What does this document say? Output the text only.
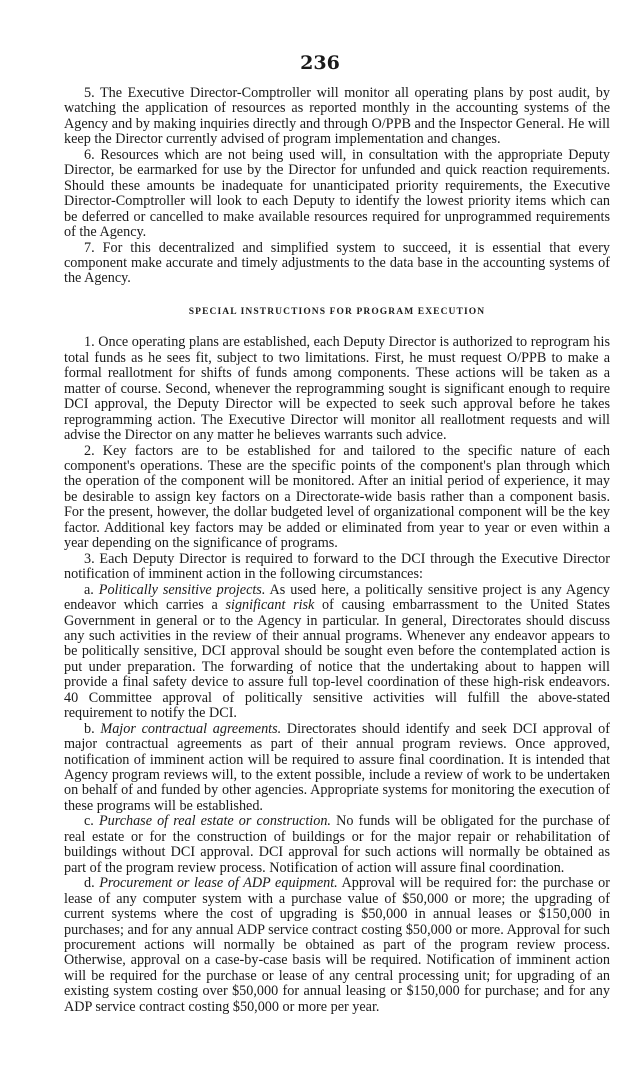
236

5. The Executive Director-Comptroller will monitor all operating plans by post audit, by watching the application of resources as reported monthly in the accounting systems of the Agency and by making inquiries directly and through O/PPB and the Inspector General. He will keep the Director currently advised of program implementation and changes.

6. Resources which are not being used will, in consultation with the appropriate Deputy Director, be earmarked for use by the Director for unfunded and quick reaction requirements. Should these amounts be inadequate for unanticipated priority requirements, the Executive Director-Comptroller will look to each Deputy to identify the lowest priority items which can be deferred or cancelled to make available resources required for unprogrammed requirements of the Agency.

7. For this decentralized and simplified system to succeed, it is essential that every component make accurate and timely adjustments to the data base in the accounting systems of the Agency.

SPECIAL INSTRUCTIONS FOR PROGRAM EXECUTION

1. Once operating plans are established, each Deputy Director is authorized to reprogram his total funds as he sees fit, subject to two limitations. First, he must request O/PPB to make a formal reallotment for shifts of funds among components. These actions will be taken as a matter of course. Second, whenever the reprogramming sought is significant enough to require DCI approval, the Deputy Director will be expected to seek such approval before he takes reprogramming action. The Executive Director will monitor all reallotment requests and will advise the Director on any matter he believes warrants such advice.

2. Key factors are to be established for and tailored to the specific nature of each component's operations. These are the specific points of the component's plan through which the operation of the component will be monitored. After an initial period of experience, it may be desirable to assign key factors on a Directorate-wide basis rather than a component basis. For the present, however, the dollar budgeted level of organizational component will be the key factor. Additional key factors may be added or eliminated from year to year or even within a year depending on the significance of programs.

3. Each Deputy Director is required to forward to the DCI through the Executive Director notification of imminent action in the following circumstances:

a. Politically sensitive projects. As used here, a politically sensitive project is any Agency endeavor which carries a significant risk of causing embarrassment to the United States Government in general or to the Agency in particular. In general, Directorates should discuss any such activities in the review of their annual programs. Whenever any endeavor appears to be politically sensitive, DCI approval should be sought even before the contemplated action is put under preparation. The forwarding of notice that the undertaking about to happen will provide a final safety device to assure full top-level coordination of these high-risk endeavors. 40 Committee approval of politically sensitive activities will fulfill the above-stated requirement to notify the DCI.

b. Major contractual agreements. Directorates should identify and seek DCI approval of major contractual agreements as part of their annual program reviews. Once approved, notification of imminent action will be required to assure final coordination. It is intended that Agency program reviews will, to the extent possible, include a review of work to be undertaken on behalf of and funded by other agencies. Appropriate systems for monitoring the execution of these programs will be established.

c. Purchase of real estate or construction. No funds will be obligated for the purchase of real estate or for the construction of buildings or for the major repair or rehabilitation of buildings without DCI approval. DCI approval for such actions will normally be obtained as part of the program review process. Notification of action will assure final coordination.

d. Procurement or lease of ADP equipment. Approval will be required for: the purchase or lease of any computer system with a purchase value of $50,000 or more; the upgrading of current systems where the cost of upgrading is $50,000 in annual leases or $150,000 in purchases; and for any annual ADP service contract costing $50,000 or more. Approval for such procurement actions will normally be obtained as part of the program review process. Otherwise, approval on a case-by-case basis will be required. Notification of imminent action will be required for the purchase or lease of any central processing unit; for upgrading of an existing system costing over $50,000 for annual leasing or $150,000 for purchase; and for any ADP service contract costing $50,000 or more per year.
